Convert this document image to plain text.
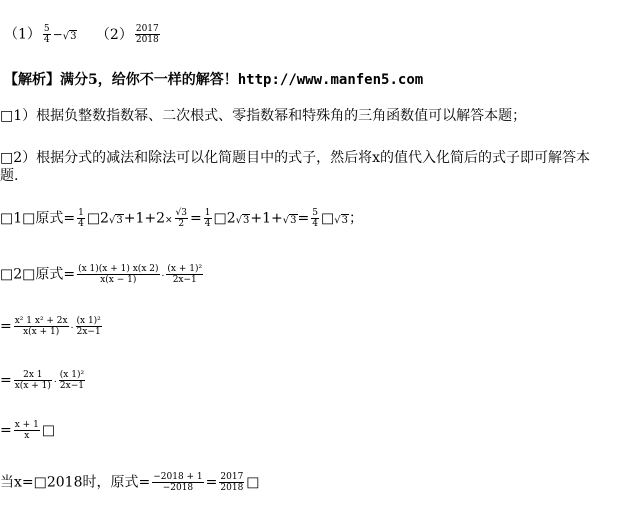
$(1) \frac{5}{4} -√3$ $(2) \frac{2017}{2018}$
【解析】满分5，给你不一样的解答！http://www.manfen5.com
□1）根据负整数指数幂、二次根式、零指数幂和特殊角的三角函数值可以解答本题；
□2）根据分式的减法和除法可以化简题目中的式子，然后将x的值代入化简后的式子即可解答本
题.
□1□原式= $\frac{1}{4}$ □2√3+1+2× $\frac{√3}{2} = \frac{1}{4}$ □2√3+1+√3= $\frac{5}{4}$ □√3；
□2□原式= $\frac{(x 1)(x + 1) x(x 2)}{x(x - 1)} \cdot \frac{\text{(x + 1)²}}{2x-1}$
= $\frac{\text{x² 1 x² + 2x}}{x(x + 1)} \cdot \frac{\text{(x 1)²}}{2x-1}$
= $\frac{2x 1}{x(x + 1)} \cdot \frac{\text{(x 1)²}}{2x-1}$
= $\frac{x + 1}{x}$ □
当x=□2018时，原式= $\frac{-2018 + 1}{-2018} = \frac{2017}{2018}$ □
